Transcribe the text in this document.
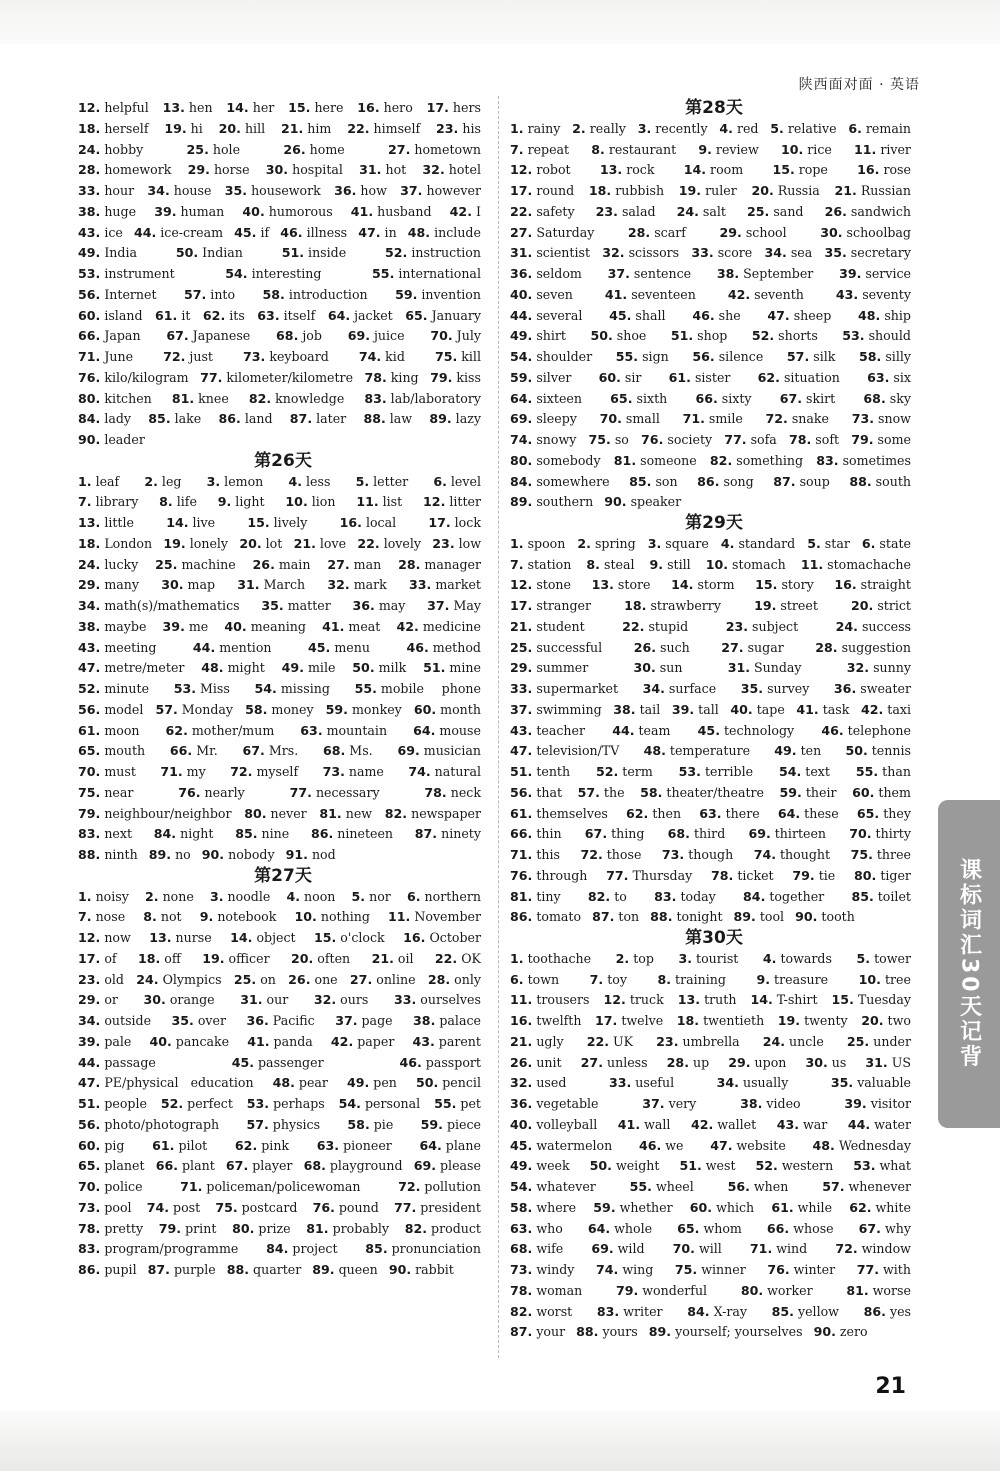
陕西面对面 · 英语
12. helpful 13. hen 14. her 15. here 16. hero 17. hers 18. herself 19. hi 20. hill 21. him 22. himself 23. his 24. hobby	25. hole	26. home	27. hometown 28. homework 29. horse 30. hospital 31. hot 32. hotel 33. hour 34. house 35. housework 36. how 37. however 38. huge 39. human 40. humorous 41. husband 42. I 43. ice 44. ice-cream 45. if 46. illness 47. in 48. include 49. India	50. Indian	51. inside	52. instruction 53. instrument	54. interesting	55. international 56. Internet 57. into 58. introduction 59. invention 60. island 61. it 62. its 63. itself 64. jacket 65. January 66. Japan 67. Japanese 68. job 69. juice 70. July 71. June 72. just 73. keyboard 74. kid 75. kill 76. kilo/kilogram 77. kilometer/kilometre 78. king 79. kiss 80. kitchen 81. knee 82. knowledge 83. lab/laboratory 84. lady 85. lake 86. land 87. later 88. law 89. lazy 90. leader
第26天
1. leaf 2. leg 3. lemon 4. less 5. letter 6. level 7. library 8. life 9. light 10. lion 11. list 12. litter 13. little	14. live	15. lively	16. local	17. lock 18. London 19. lonely 20. lot 21. love 22. lovely 23. low 24. lucky 25. machine 26. main 27. man 28. manager 29. many 30. map 31. March 32. mark 33. market 34. math(s)/mathematics 35. matter 36. may 37. May 38. maybe 39. me 40. meaning 41. meat 42. medicine 43. meeting	44. mention	45. menu	46. method 47. metre/meter 48. might 49. mile 50. milk 51. mine 52. minute 53. Miss 54. missing 55. mobile phone 56. model 57. Monday 58. money 59. monkey 60. month 61. moon 62. mother/mum 63. mountain 64. mouse 65. mouth 66. Mr. 67. Mrs. 68. Ms. 69. musician 70. must 71. my 72. myself 73. name 74. natural 75. near	76. nearly	77. necessary	78. neck 79. neighbour/neighbor 80. never 81. new 82. newspaper 83. next 84. night 85. nine 86. nineteen 87. ninety 88. ninth 89. no 90. nobody 91. nod
第27天
1. noisy 2. none 3. noodle 4. noon 5. nor 6. northern 7. nose 8. not 9. notebook 10. nothing 11. November 12. now 13. nurse 14. object 15. o'clock 16. October 17. of 18. off 19. officer 20. often 21. oil 22. OK 23. old 24. Olympics 25. on 26. one 27. online 28. only 29. or 30. orange 31. our 32. ours 33. ourselves 34. outside 35. over 36. Pacific 37. page 38. palace 39. pale 40. pancake 41. panda 42. paper 43. parent 44. passage	45. passenger	46. passport 47. PE/physical education 48. pear 49. pen 50. pencil 51. people 52. perfect 53. perhaps 54. personal 55. pet 56. photo/photograph 57. physics 58. pie 59. piece 60. pig 61. pilot 62. pink 63. pioneer 64. plane 65. planet 66. plant 67. player 68. playground 69. please 70. police	71. policeman/policewoman	72. pollution 73. pool 74. post 75. postcard 76. pound 77. president 78. pretty 79. print 80. prize 81. probably 82. product 83. program/programme 84. project 85. pronunciation 86. pupil 87. purple 88. quarter 89. queen 90. rabbit
第28天
1. rainy 2. really 3. recently 4. red 5. relative 6. remain 7. repeat 8. restaurant 9. review 10. rice 11. river 12. robot 13. rock 14. room 15. rope 16. rose 17. round 18. rubbish 19. ruler 20. Russia 21. Russian 22. safety 23. salad 24. salt 25. sand 26. sandwich 27. Saturday	28. scarf	29. school	30. schoolbag 31. scientist 32. scissors 33. score 34. sea 35. secretary 36. seldom 37. sentence 38. September 39. service 40. seven	41. seventeen	42. seventh	43. seventy 44. several 45. shall 46. she 47. sheep 48. ship 49. shirt 50. shoe 51. shop 52. shorts 53. should 54. shoulder 55. sign 56. silence 57. silk 58. silly 59. silver 60. sir 61. sister 62. situation 63. six 64. sixteen 65. sixth 66. sixty 67. skirt 68. sky 69. sleepy 70. small 71. smile 72. snake 73. snow 74. snowy 75. so 76. society 77. sofa 78. soft 79. some 80. somebody 81. someone 82. something 83. sometimes 84. somewhere 85. son 86. song 87. soup 88. south 89. southern 90. speaker
第29天
1. spoon 2. spring 3. square 4. standard 5. star 6. state 7. station 8. steal 9. still 10. stomach 11. stomachache 12. stone 13. store 14. storm 15. story 16. straight 17. stranger	18. strawberry	19. street	20. strict 21. student	22. stupid	23. subject	24. success 25. successful	26. such	27. sugar	28. suggestion 29. summer	30. sun	31. Sunday	32. sunny 33. supermarket 34. surface 35. survey 36. sweater 37. swimming 38. tail 39. tall 40. tape 41. task 42. taxi 43. teacher 44. team 45. technology 46. telephone 47. television/TV 48. temperature 49. ten 50. tennis 51. tenth 52. term 53. terrible 54. text 55. than 56. that 57. the 58. theater/theatre 59. their 60. them 61. themselves 62. then 63. there 64. these 65. they 66. thin 67. thing 68. third 69. thirteen 70. thirty 71. this 72. those 73. though 74. thought 75. three 76. through 77. Thursday 78. ticket 79. tie 80. tiger 81. tiny 82. to 83. today 84. together 85. toilet 86. tomato 87. ton 88. tonight 89. tool 90. tooth
第30天
1. toothache 2. top 3. tourist 4. towards 5. tower 6. town 7. toy 8. training 9. treasure 10. tree 11. trousers 12. truck 13. truth 14. T-shirt 15. Tuesday 16. twelfth 17. twelve 18. twentieth 19. twenty 20. two 21. ugly 22. UK 23. umbrella 24. uncle 25. under 26. unit 27. unless 28. up 29. upon 30. us 31. US 32. used	33. useful	34. usually	35. valuable 36. vegetable	37. very	38. video	39. visitor 40. volleyball 41. wall 42. wallet 43. war 44. water 45. watermelon 46. we 47. website 48. Wednesday 49. week 50. weight 51. west 52. western 53. what 54. whatever	55. wheel	56. when	57. whenever 58. where 59. whether 60. which 61. while 62. white 63. who 64. whole 65. whom 66. whose 67. why 68. wife 69. wild 70. will 71. wind 72. window 73. windy 74. wing 75. winner 76. winter 77. with 78. woman	79. wonderful	80. worker	81. worse 82. worst 83. writer 84. X-ray 85. yellow 86. yes 87. your 88. yours 89. yourself; yourselves 90. zero
课标词汇30天记背
21
